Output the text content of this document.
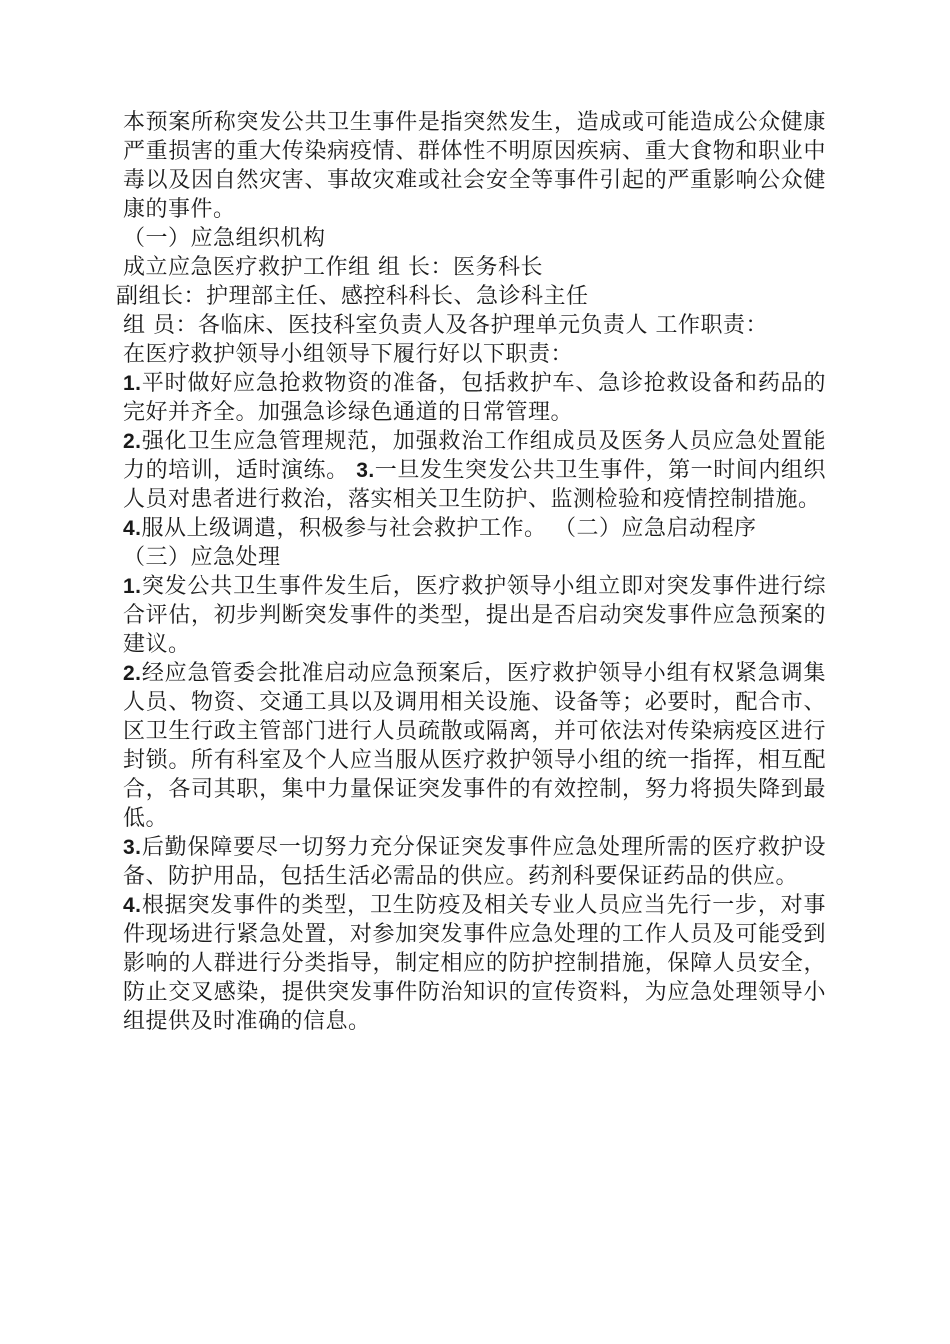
本预案所称突发公共卫生事件是指突然发生，造成或可能造成公众健康严重损害的重大传染病疫情、群体性不明原因疾病、重大食物和职业中毒以及因自然灾害、事故灾难或社会安全等事件引起的严重影响公众健康的事件。

（一）应急组织机构

成立应急医疗救护工作组 组 长：医务科长

副组长：护理部主任、感控科科长、急诊科主任

组 员：各临床、医技科室负责人及各护理单元负责人 工作职责：

在医疗救护领导小组领导下履行好以下职责：

1.平时做好应急抢救物资的准备，包括救护车、急诊抢救设备和药品的完好并齐全。加强急诊绿色通道的日常管理。

2.强化卫生应急管理规范，加强救治工作组成员及医务人员应急处置能力的培训，适时演练。 3.一旦发生突发公共卫生事件，第一时间内组织人员对患者进行救治，落实相关卫生防护、监测检验和疫情控制措施。

4.服从上级调遣，积极参与社会救护工作。 （二）应急启动程序

（三）应急处理

1.突发公共卫生事件发生后，医疗救护领导小组立即对突发事件进行综合评估，初步判断突发事件的类型，提出是否启动突发事件应急预案的建议。

2.经应急管委会批准启动应急预案后，医疗救护领导小组有权紧急调集人员、物资、交通工具以及调用相关设施、设备等；必要时，配合市、区卫生行政主管部门进行人员疏散或隔离，并可依法对传染病疫区进行封锁。所有科室及个人应当服从医疗救护领导小组的统一指挥，相互配合，各司其职，集中力量保证突发事件的有效控制，努力将损失降到最低。

3.后勤保障要尽一切努力充分保证突发事件应急处理所需的医疗救护设备、防护用品，包括生活必需品的供应。药剂科要保证药品的供应。

4.根据突发事件的类型，卫生防疫及相关专业人员应当先行一步，对事件现场进行紧急处置，对参加突发事件应急处理的工作人员及可能受到影响的人群进行分类指导，制定相应的防护控制措施，保障人员安全，防止交叉感染，提供突发事件防治知识的宣传资料，为应急处理领导小组提供及时准确的信息。
